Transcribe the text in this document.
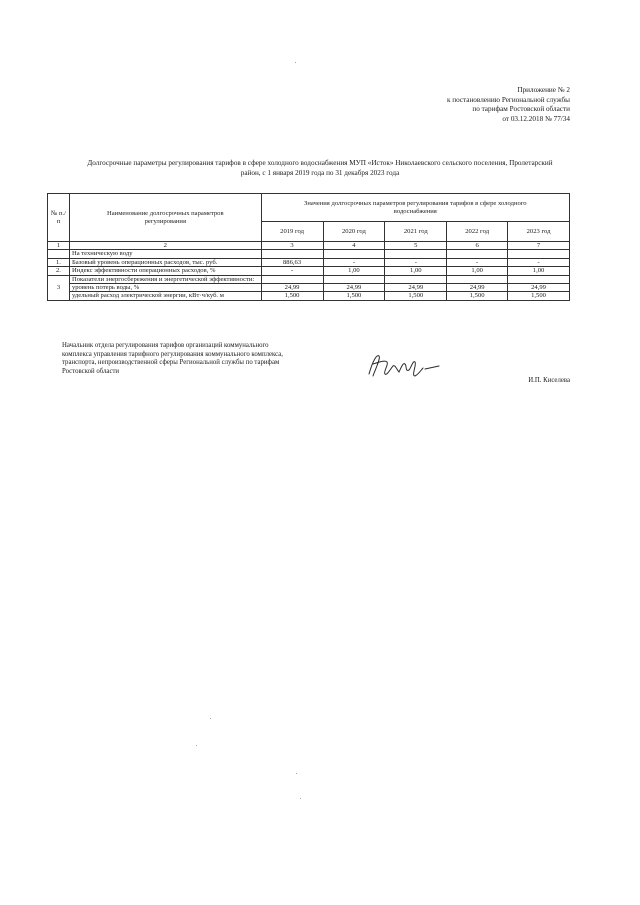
Приложение № 2
к постановлению Региональной службы
по тарифам Ростовской области
от 03.12.2018 № 77/34
Долгосрочные параметры регулирования тарифов в сфере холодного водоснабжения МУП «Исток» Николаевского сельского поселения, Пролетарский
район, с 1 января 2019 года по 31 декабря 2023 года
№ п./п	Наименование долгосрочных параметров регулирования	Значения долгосрочных параметров регулирования тарифов в сфере холодного водоснабжения				
		2019 год	2020 год	2021 год	2022 год	2023 год
1	2	3	4	5	6	7
	На техническую воду					
1.	Базовый уровень операционных расходов, тыс. руб.	886,63	-	-	-	-
2.	Индекс эффективности операционных расходов, %	-	1,00	1,00	1,00	1,00
3	Показатели энергосбережения и энергетической эффективности:					
	уровень потерь воды, %	24,99	24,99	24,99	24,99	24,99
	удельный расход электрической энергии, кВт·ч/куб. м	1,500	1,500	1,500	1,500	1,500
Начальник отдела регулирования тарифов организаций коммунального
комплекса управления тарифного регулирования коммунального комплекса,
транспорта, непроизводственной сферы Региональной службы по тарифам
Ростовской области
И.П. Киселева
